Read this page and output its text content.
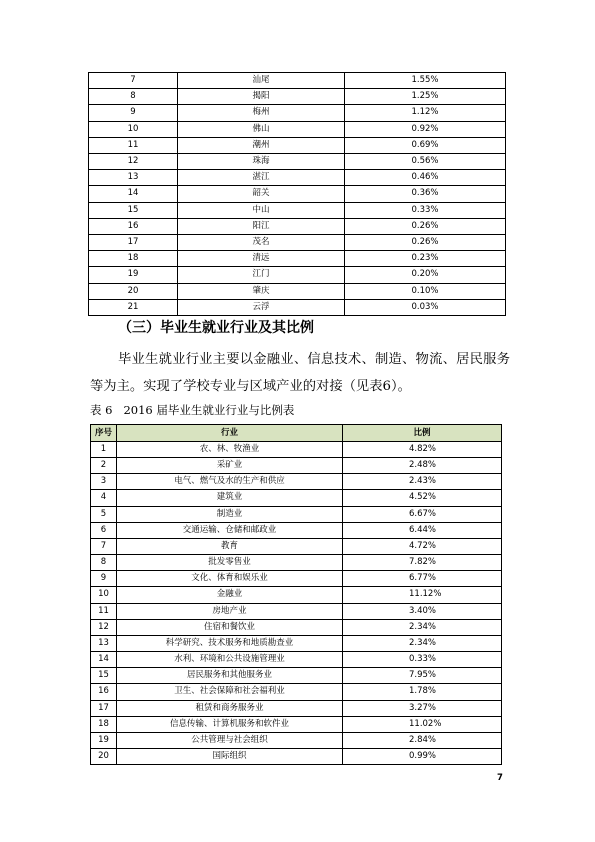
7	汕尾	1.55%
8	揭阳	1.25%
9	梅州	1.12%
10	佛山	0.92%
11	潮州	0.69%
12	珠海	0.56%
13	湛江	0.46%
14	韶关	0.36%
15	中山	0.33%
16	阳江	0.26%
17	茂名	0.26%
18	清远	0.23%
19	江门	0.20%
20	肇庆	0.10%
21	云浮	0.03%
（三）毕业生就业行业及其比例
毕业生就业行业主要以金融业、信息技术、制造、物流、居民服务等为主。实现了学校专业与区域产业的对接（见表6）。
表 6   2016 届毕业生就业行业与比例表
序号	行业	比例
1	农、林、牧渔业	4.82%
2	采矿业	2.48%
3	电气、燃气及水的生产和供应	2.43%
4	建筑业	4.52%
5	制造业	6.67%
6	交通运输、仓储和邮政业	6.44%
7	教育	4.72%
8	批发零售业	7.82%
9	文化、体育和娱乐业	6.77%
10	金融业	11.12%
11	房地产业	3.40%
12	住宿和餐饮业	2.34%
13	科学研究、技术服务和地质勘查业	2.34%
14	水利、环境和公共设施管理业	0.33%
15	居民服务和其他服务业	7.95%
16	卫生、社会保障和社会福利业	1.78%
17	租赁和商务服务业	3.27%
18	信息传输、计算机服务和软件业	11.02%
19	公共管理与社会组织	2.84%
20	国际组织	0.99%
7
